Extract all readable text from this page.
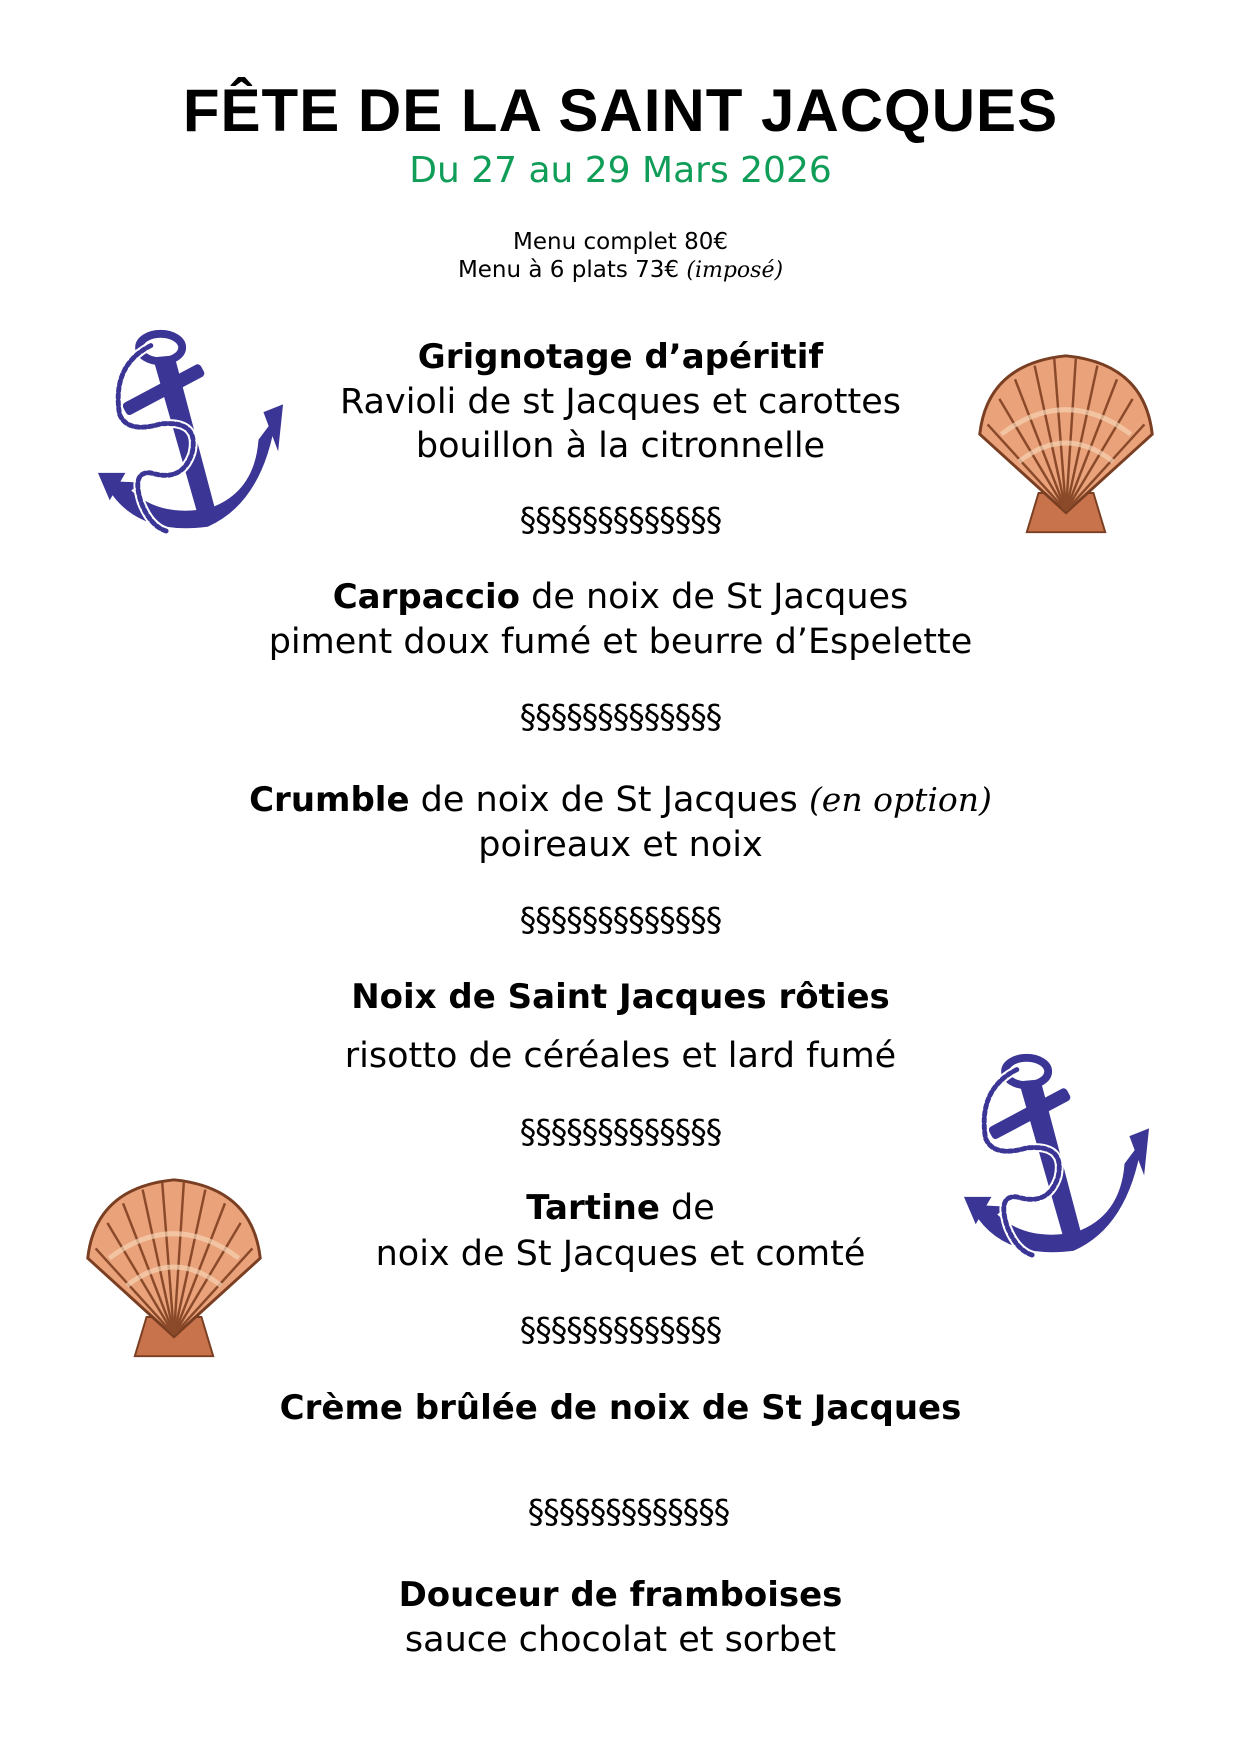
FÊTE DE LA SAINT JACQUES
Du 27 au 29 Mars 2026
Menu complet 80€
Menu à 6 plats 73€ (imposé)
Grignotage d’apéritif
Ravioli de st Jacques et carottes
bouillon à la citronnelle
§§§§§§§§§§§§§
Carpaccio de noix de St Jacques
piment doux fumé et beurre d’Espelette
§§§§§§§§§§§§§
Crumble de noix de St Jacques (en option)
poireaux et noix
§§§§§§§§§§§§§
Noix de Saint Jacques rôties
risotto de céréales et lard fumé
§§§§§§§§§§§§§
Tartine de
noix de St Jacques et comté
§§§§§§§§§§§§§
Crème brûlée de noix de St Jacques
§§§§§§§§§§§§§
Douceur de framboises
sauce chocolat et sorbet
